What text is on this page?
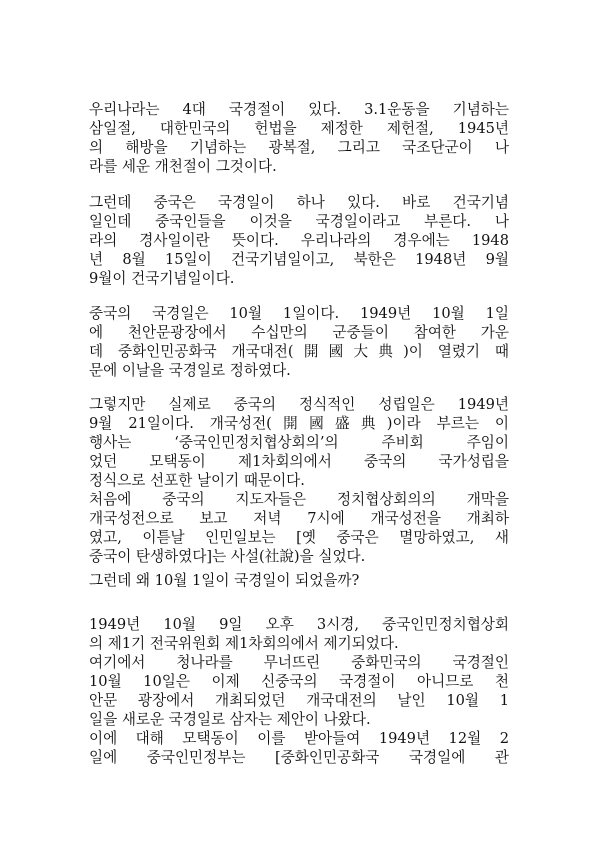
우리나라는 4대 국경절이 있다. 3.1운동을 기념하는
삼일절, 대한민국의 헌법을 제정한 제헌절, 1945년
의 해방을 기념하는 광복절, 그리고 국조단군이 나
라를 세운 개천절이 그것이다.
그런데 중국은 국경일이 하나 있다. 바로 건국기념
일인데 중국인들을 이것을 국경일이라고 부른다. 나
라의 경사일이란 뜻이다. 우리나라의 경우에는 1948
년 8월 15일이 건국기념일이고, 북한은 1948년 9월
9월이 건국기념일이다.
중국의 국경일은 10월 1일이다. 1949년 10월 1일
에 천안문광장에서 수십만의 군중들이 참여한 가운
데 중화인민공화국 개국대전(開國大典)이 열렸기 때
문에 이날을 국경일로 정하였다.
그렇지만 실제로 중국의 정식적인 성립일은 1949년
9월 21일이다. 개국성전(開國盛典)이라 부르는 이
행사는 ‘중국인민정치협상회의’의 주비회 주임이
었던 모택동이 제1차회의에서 중국의 국가성립을
정식으로 선포한 날이기 때문이다.
처음에 중국의 지도자들은 정치협상회의의 개막을
개국성전으로 보고 저녁 7시에 개국성전을 개최하
였고, 이튿날 인민일보는 [옛 중국은 멸망하였고, 새
중국이 탄생하였다]는 사설(社說)을 실었다.
그런데 왜 10월 1일이 국경일이 되었을까?
1949년 10월 9일 오후 3시경, 중국인민정치협상회
의 제1기 전국위원회 제1차회의에서 제기되었다.
여기에서 청나라를 무너뜨린 중화민국의 국경절인
10월 10일은 이제 신중국의 국경절이 아니므로 천
안문 광장에서 개최되었던 개국대전의 날인 10월 1
일을 새로운 국경일로 삼자는 제안이 나왔다.
이에 대해 모택동이 이를 받아들여 1949년 12월 2
일에 중국인민정부는 [중화인민공화국 국경일에 관
